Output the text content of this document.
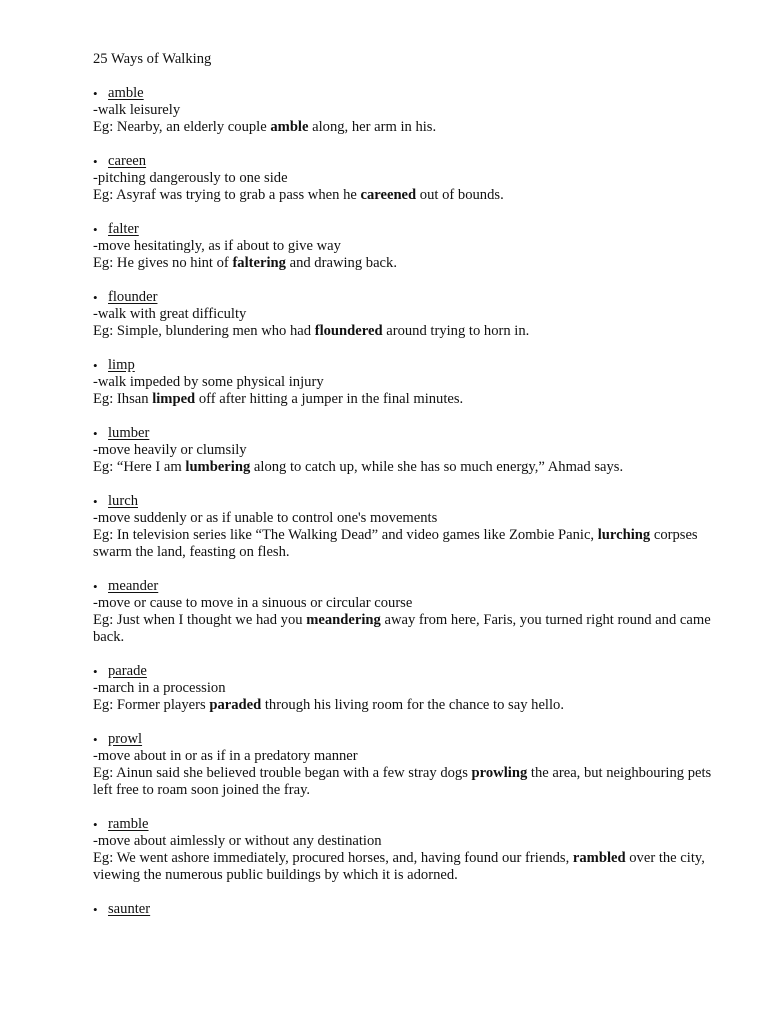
25 Ways of Walking
• amble
-walk leisurely
Eg: Nearby, an elderly couple amble along, her arm in his.
• careen
-pitching dangerously to one side
Eg: Asyraf was trying to grab a pass when he careened out of bounds.
• falter
-move hesitatingly, as if about to give way
Eg: He gives no hint of faltering and drawing back.
• flounder
-walk with great difficulty
Eg: Simple, blundering men who had floundered around trying to horn in.
• limp
-walk impeded by some physical injury
Eg: Ihsan limped off after hitting a jumper in the final minutes.
• lumber
-move heavily or clumsily
Eg: “Here I am lumbering along to catch up, while she has so much energy,” Ahmad says.
• lurch
-move suddenly or as if unable to control one's movements
Eg: In television series like “The Walking Dead” and video games like Zombie Panic, lurching corpses swarm the land, feasting on flesh.
• meander
-move or cause to move in a sinuous or circular course
Eg: Just when I thought we had you meandering away from here, Faris, you turned right round and came back.
• parade
-march in a procession
Eg: Former players paraded through his living room for the chance to say hello.
• prowl
-move about in or as if in a predatory manner
Eg: Ainun said she believed trouble began with a few stray dogs prowling the area, but neighbouring pets left free to roam soon joined the fray.
• ramble
-move about aimlessly or without any destination
Eg: We went ashore immediately, procured horses, and, having found our friends, rambled over the city, viewing the numerous public buildings by which it is adorned.
• saunter
